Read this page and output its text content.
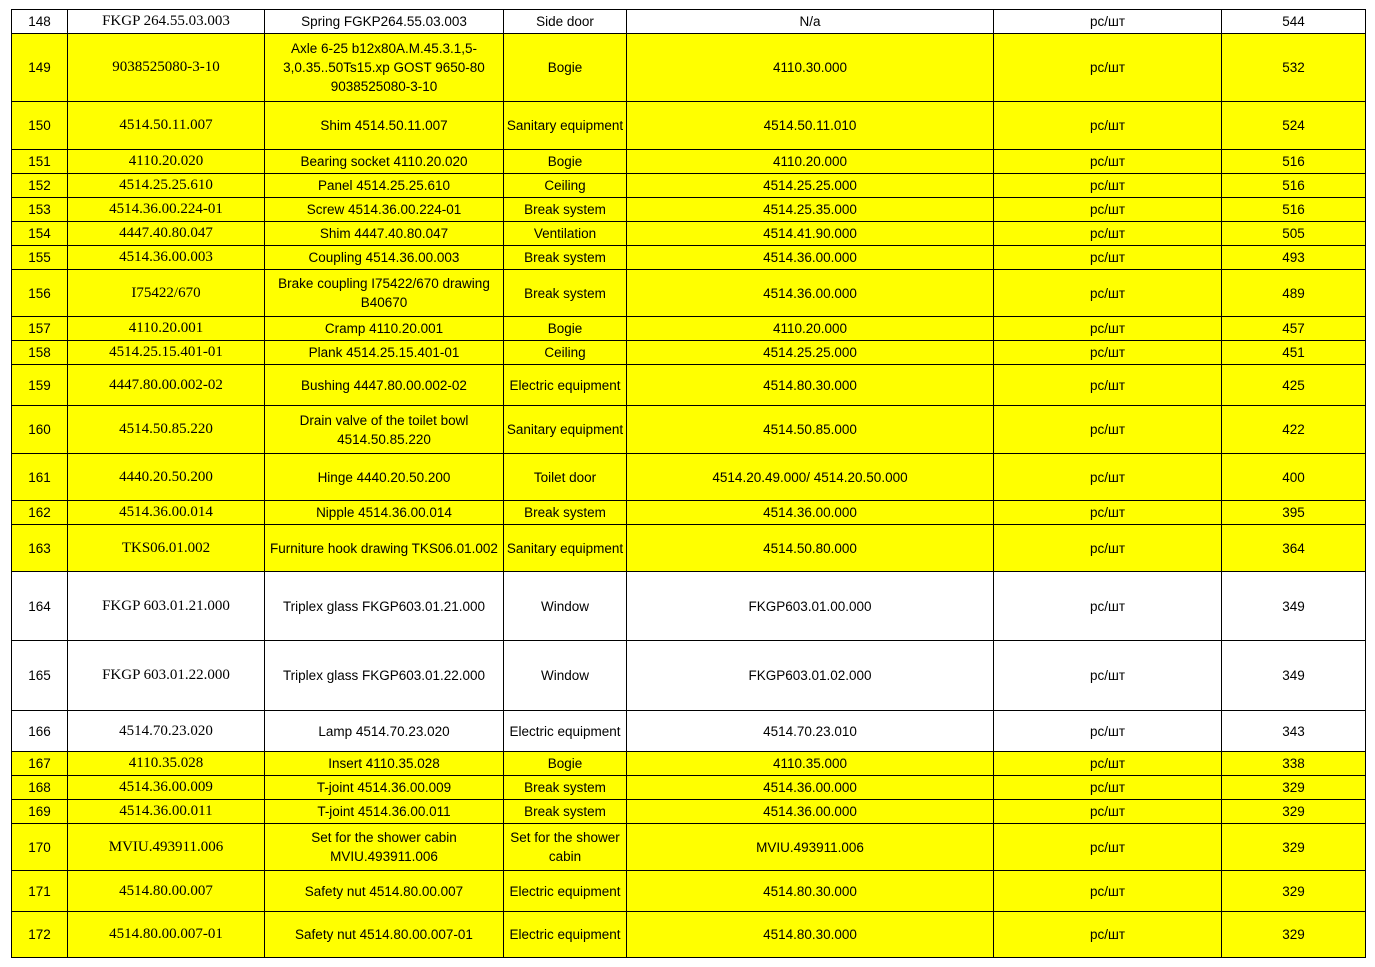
148	FKGP 264.55.03.003	Spring FGKP264.55.03.003	Side door	N/a	pc/шт	544
149	9038525080-3-10	Axle 6-25 b12x80A.M.45.3.1,5-3,0.35..50Ts15.xp GOST 9650-80 9038525080-3-10	Bogie	4110.30.000	pc/шт	532
150	4514.50.11.007	Shim 4514.50.11.007	Sanitary equipment	4514.50.11.010	pc/шт	524
151	4110.20.020	Bearing socket 4110.20.020	Bogie	4110.20.000	pc/шт	516
152	4514.25.25.610	Panel 4514.25.25.610	Ceiling	4514.25.25.000	pc/шт	516
153	4514.36.00.224-01	Screw 4514.36.00.224-01	Break system	4514.25.35.000	pc/шт	516
154	4447.40.80.047	Shim 4447.40.80.047	Ventilation	4514.41.90.000	pc/шт	505
155	4514.36.00.003	Coupling 4514.36.00.003	Break system	4514.36.00.000	pc/шт	493
156	I75422/670	Brake coupling I75422/670 drawing B40670	Break system	4514.36.00.000	pc/шт	489
157	4110.20.001	Cramp 4110.20.001	Bogie	4110.20.000	pc/шт	457
158	4514.25.15.401-01	Plank 4514.25.15.401-01	Ceiling	4514.25.25.000	pc/шт	451
159	4447.80.00.002-02	Bushing 4447.80.00.002-02	Electric equipment	4514.80.30.000	pc/шт	425
160	4514.50.85.220	Drain valve of the toilet bowl 4514.50.85.220	Sanitary equipment	4514.50.85.000	pc/шт	422
161	4440.20.50.200	Hinge 4440.20.50.200	Toilet door	4514.20.49.000/ 4514.20.50.000	pc/шт	400
162	4514.36.00.014	Nipple 4514.36.00.014	Break system	4514.36.00.000	pc/шт	395
163	TKS06.01.002	Furniture hook drawing TKS06.01.002	Sanitary equipment	4514.50.80.000	pc/шт	364
164	FKGP 603.01.21.000	Triplex glass FKGP603.01.21.000	Window	FKGP603.01.00.000	pc/шт	349
165	FKGP 603.01.22.000	Triplex glass FKGP603.01.22.000	Window	FKGP603.01.02.000	pc/шт	349
166	4514.70.23.020	Lamp 4514.70.23.020	Electric equipment	4514.70.23.010	pc/шт	343
167	4110.35.028	Insert 4110.35.028	Bogie	4110.35.000	pc/шт	338
168	4514.36.00.009	T-joint 4514.36.00.009	Break system	4514.36.00.000	pc/шт	329
169	4514.36.00.011	T-joint 4514.36.00.011	Break system	4514.36.00.000	pc/шт	329
170	MVIU.493911.006	Set for the shower cabin MVIU.493911.006	Set for the shower cabin	MVIU.493911.006	pc/шт	329
171	4514.80.00.007	Safety nut 4514.80.00.007	Electric equipment	4514.80.30.000	pc/шт	329
172	4514.80.00.007-01	Safety nut 4514.80.00.007-01	Electric equipment	4514.80.30.000	pc/шт	329
